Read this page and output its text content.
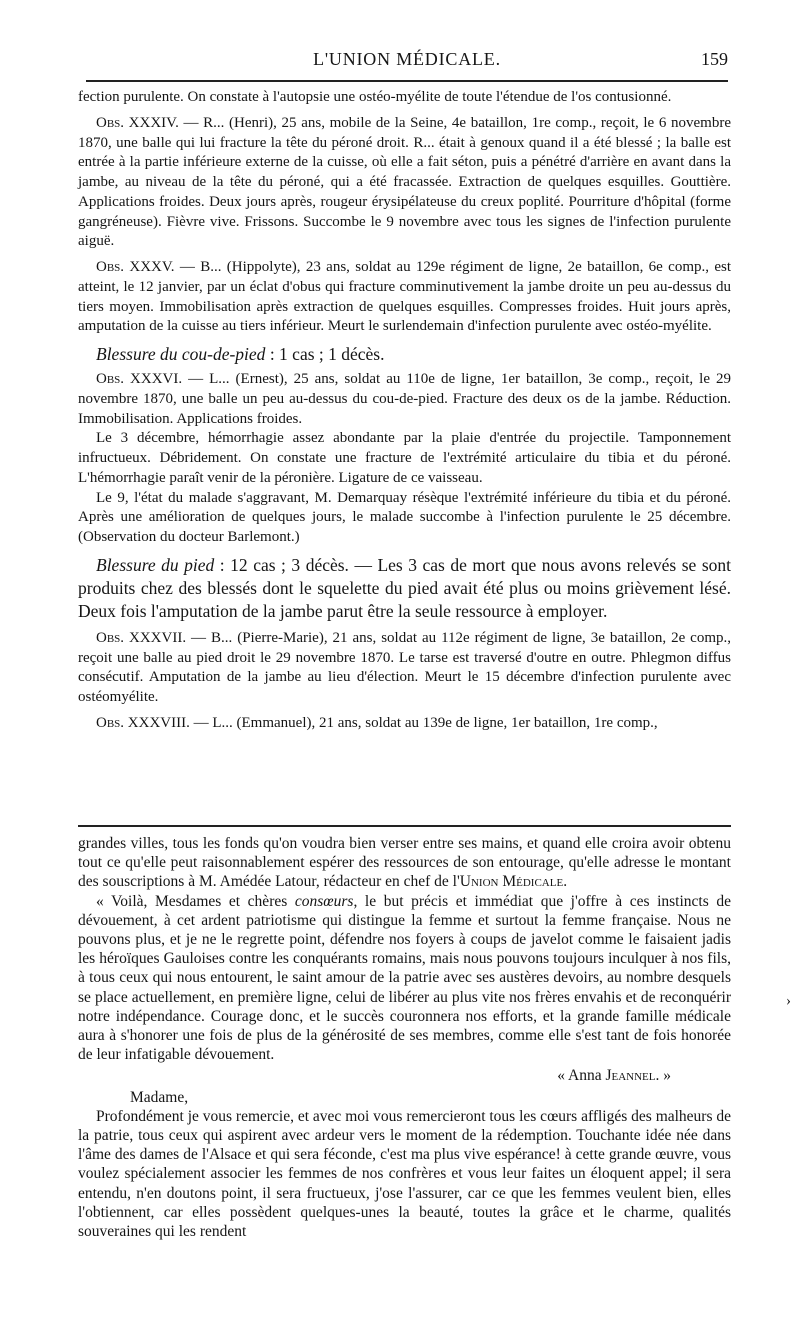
L'UNION MÉDICALE.	159

fection purulente. On constate à l'autopsie une ostéo-myélite de toute l'étendue de l'os contusionné.

Obs. XXXIV. — R... (Henri), 25 ans, mobile de la Seine, 4e bataillon, 1re comp., reçoit, le 6 novembre 1870, une balle qui lui fracture la tête du péroné droit. R... était à genoux quand il a été blessé ; la balle est entrée à la partie inférieure externe de la cuisse, où elle a fait séton, puis a pénétré d'arrière en avant dans la jambe, au niveau de la tête du péroné, qui a été fracassée. Extraction de quelques esquilles. Gouttière. Applications froides. Deux jours après, rougeur érysipélateuse du creux poplité. Pourriture d'hôpital (forme gangréneuse). Fièvre vive. Frissons. Succombe le 9 novembre avec tous les signes de l'infection purulente aiguë.

Obs. XXXV. — B... (Hippolyte), 23 ans, soldat au 129e régiment de ligne, 2e bataillon, 6e comp., est atteint, le 12 janvier, par un éclat d'obus qui fracture comminutivement la jambe droite un peu au-dessus du tiers moyen. Immobilisation après extraction de quelques esquilles. Compresses froides. Huit jours après, amputation de la cuisse au tiers inférieur. Meurt le surlendemain d'infection purulente avec ostéo-myélite.

Blessure du cou-de-pied : 1 cas ; 1 décès.

Obs. XXXVI. — L... (Ernest), 25 ans, soldat au 110e de ligne, 1er bataillon, 3e comp., reçoit, le 29 novembre 1870, une balle un peu au-dessus du cou-de-pied. Fracture des deux os de la jambe. Réduction. Immobilisation. Applications froides.

Le 3 décembre, hémorrhagie assez abondante par la plaie d'entrée du projectile. Tamponnement infructueux. Débridement. On constate une fracture de l'extrémité articulaire du tibia et du péroné. L'hémorrhagie paraît venir de la péronière. Ligature de ce vaisseau.

Le 9, l'état du malade s'aggravant, M. Demarquay résèque l'extrémité inférieure du tibia et du péroné. Après une amélioration de quelques jours, le malade succombe à l'infection purulente le 25 décembre. (Observation du docteur Barlemont.)

Blessure du pied : 12 cas ; 3 décès. — Les 3 cas de mort que nous avons relevés se sont produits chez des blessés dont le squelette du pied avait été plus ou moins grièvement lésé. Deux fois l'amputation de la jambe parut être la seule ressource à employer.

Obs. XXXVII. — B... (Pierre-Marie), 21 ans, soldat au 112e régiment de ligne, 3e bataillon, 2e comp., reçoit une balle au pied droit le 29 novembre 1870. Le tarse est traversé d'outre en outre. Phlegmon diffus consécutif. Amputation de la jambe au lieu d'élection. Meurt le 15 décembre d'infection purulente avec ostéomyélite.

Obs. XXXVIII. — L... (Emmanuel), 21 ans, soldat au 139e de ligne, 1er bataillon, 1re comp.,

grandes villes, tous les fonds qu'on voudra bien verser entre ses mains, et quand elle croira avoir obtenu tout ce qu'elle peut raisonnablement espérer des ressources de son entourage, qu'elle adresse le montant des souscriptions à M. Amédée Latour, rédacteur en chef de l'Union Médicale.

« Voilà, Mesdames et chères consœurs, le but précis et immédiat que j'offre à ces instincts de dévouement, à cet ardent patriotisme qui distingue la femme et surtout la femme française. Nous ne pouvons plus, et je ne le regrette point, défendre nos foyers à coups de javelot comme le faisaient jadis les héroïques Gauloises contre les conquérants romains, mais nous pouvons toujours inculquer à nos fils, à tous ceux qui nous entourent, le saint amour de la patrie avec ses austères devoirs, au nombre desquels se place actuellement, en première ligne, celui de libérer au plus vite nos frères envahis et de reconquérir notre indépendance. Courage donc, et le succès couronnera nos efforts, et la grande famille médicale aura à s'honorer une fois de plus de la générosité de ses membres, comme elle s'est tant de fois honorée de leur infatigable dévouement.

« Anna Jeannel. »

Madame,

Profondément je vous remercie, et avec moi vous remercieront tous les cœurs affligés des malheurs de la patrie, tous ceux qui aspirent avec ardeur vers le moment de la rédemption. Touchante idée née dans l'âme des dames de l'Alsace et qui sera féconde, c'est ma plus vive espérance! à cette grande œuvre, vous voulez spécialement associer les femmes de nos confrères et vous leur faites un éloquent appel; il sera entendu, n'en doutons point, il sera fructueux, j'ose l'assurer, car ce que les femmes veulent bien, elles l'obtiennent, car elles possèdent quelques-unes la beauté, toutes la grâce et le charme, qualités souveraines qui les rendent

›
